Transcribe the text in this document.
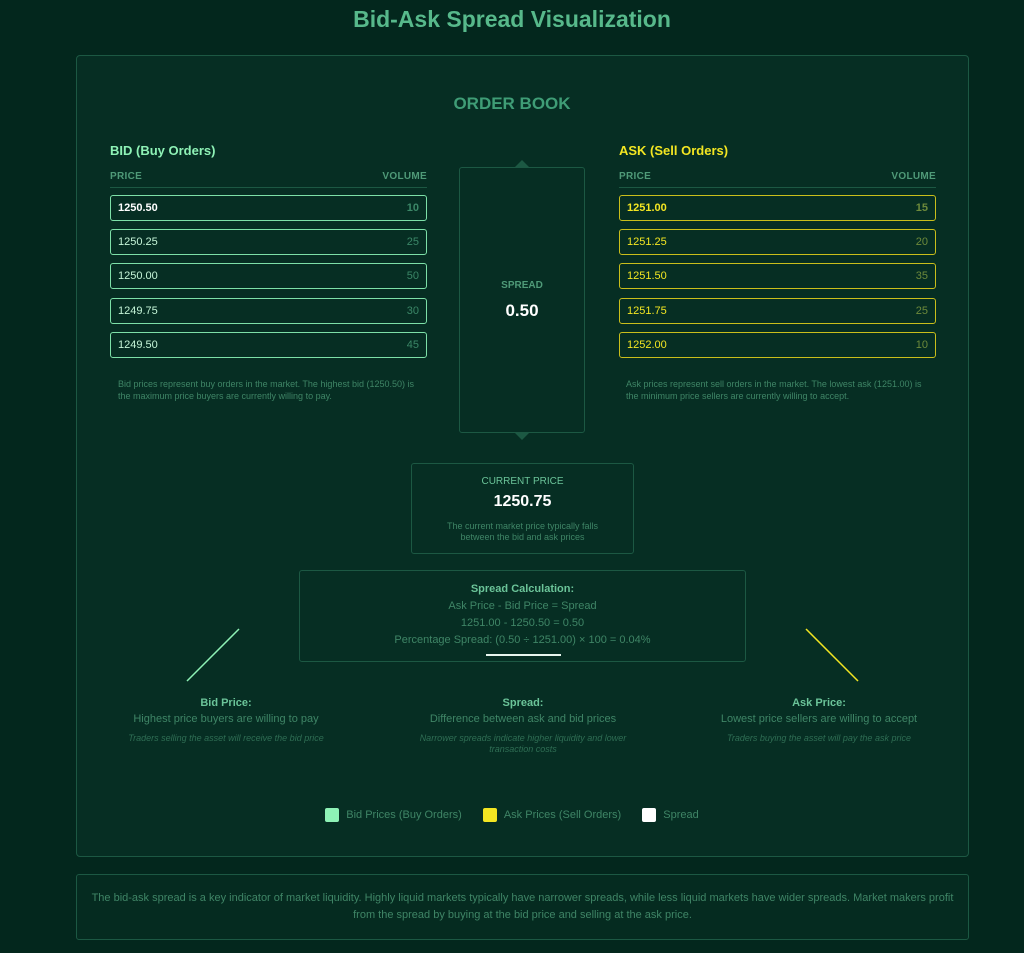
Bid-Ask Spread Visualization
ORDER BOOK
BID (Buy Orders)
PRICE	VOLUME
1250.50	10
1250.25	25
1250.00	50
1249.75	30
1249.50	45
Bid prices represent buy orders in the market. The highest bid (1250.50) is the maximum price buyers are currently willing to pay.
ASK (Sell Orders)
PRICE	VOLUME
1251.00	15
1251.25	20
1251.50	35
1251.75	25
1252.00	10
Ask prices represent sell orders in the market. The lowest ask (1251.00) is the minimum price sellers are currently willing to accept.
SPREAD
0.50
CURRENT PRICE
1250.75
The current market price typically falls between the bid and ask prices
Spread Calculation:
Ask Price - Bid Price = Spread
1251.00 - 1250.50 = 0.50
Percentage Spread: (0.50 ÷ 1251.00) × 100 = 0.04%
Bid Price:
Highest price buyers are willing to pay
Traders selling the asset will receive the bid price
Spread:
Difference between ask and bid prices
Narrower spreads indicate higher liquidity and lower transaction costs
Ask Price:
Lowest price sellers are willing to accept
Traders buying the asset will pay the ask price
Bid Prices (Buy Orders)	Ask Prices (Sell Orders)	Spread
The bid-ask spread is a key indicator of market liquidity. Highly liquid markets typically have narrower spreads, while less liquid markets have wider spreads. Market makers profit from the spread by buying at the bid price and selling at the ask price.
